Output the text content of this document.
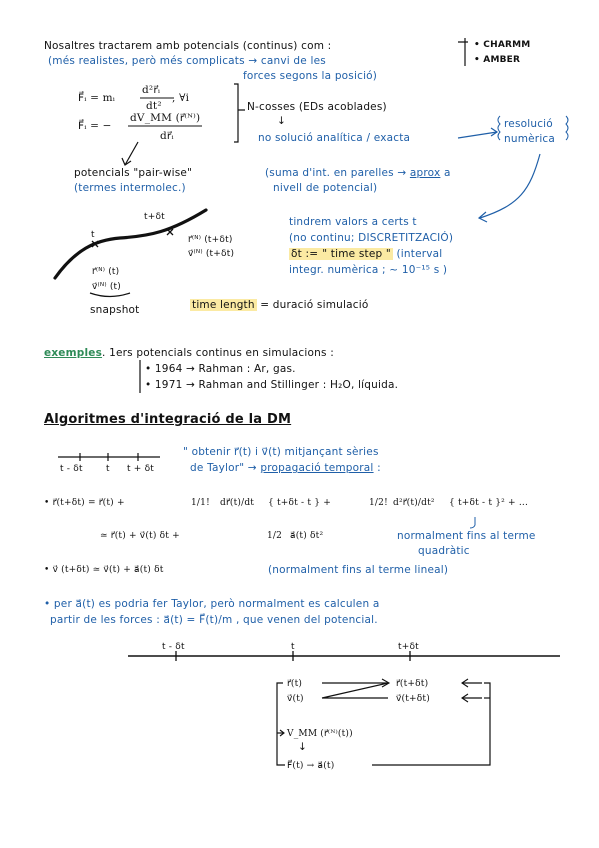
Nosaltres tractarem amb potencials (continus) com :	• CHARMM
• AMBER
(més realistes, però més complicats → canvi de les
forces segons la posició)
F⃗ᵢ = mᵢ
d²r⃗ᵢ
dt²
, ∀i
F⃗ᵢ = −
dV_MM (r⃗⁽ᴺ⁾)
dr⃗ᵢ
N-cosses (EDs acoblades)
↓
no solució analítica / exacta
resolució
numèrica
potencials "pair-wise"
(termes intermolec.)
(suma d'int. en parelles → aprox a
nivell de potencial)
t+δt
t	r⃗⁽ᴺ⁾ (t+δt)
v⃗⁽ᴺ⁾ (t+δt)
r⃗⁽ᴺ⁾ (t)
v⃗⁽ᴺ⁾ (t)
snapshot
tindrem valors a certs t
(no continu; DISCRETITZACIÓ)
δt := " time step " (interval
integr. numèrica ; ~ 10⁻¹⁵ s )
time length = duració simulació
exemples. 1ers potencials continus en simulacions :
• 1964 → Rahman : Ar, gas.
• 1971 → Rahman and Stillinger : H₂O, líquida.
Algoritmes d'integració de la DM
t - δt	t t + δt
" obtenir r⃗(t) i v⃗(t) mitjançant sèries
de Taylor" → propagació temporal :
• r⃗(t+δt) = r⃗(t) +	1/1! dr⃗(t)/dt { t+δt - t } +	1/2! d²r⃗(t)/dt² { t+δt - t }² + ...
≃ r⃗(t) + v⃗(t) δt +	1/2 a⃗(t) δt²	normalment fins al terme
quadràtic
• v⃗ (t+δt) ≃ v⃗(t) + a⃗(t) δt	(normalment fins al terme lineal)
• per a⃗(t) es podria fer Taylor, però normalment es calculen a
partir de les forces : a⃗(t) = F⃗(t)/m , que venen del potencial.
t - δt	t	t+δt
r⃗(t)
v⃗(t)
r⃗(t+δt)
v⃗(t+δt)
V_MM (r⃗⁽ᴺ⁾(t))
↓
F⃗(t) → a⃗(t)
